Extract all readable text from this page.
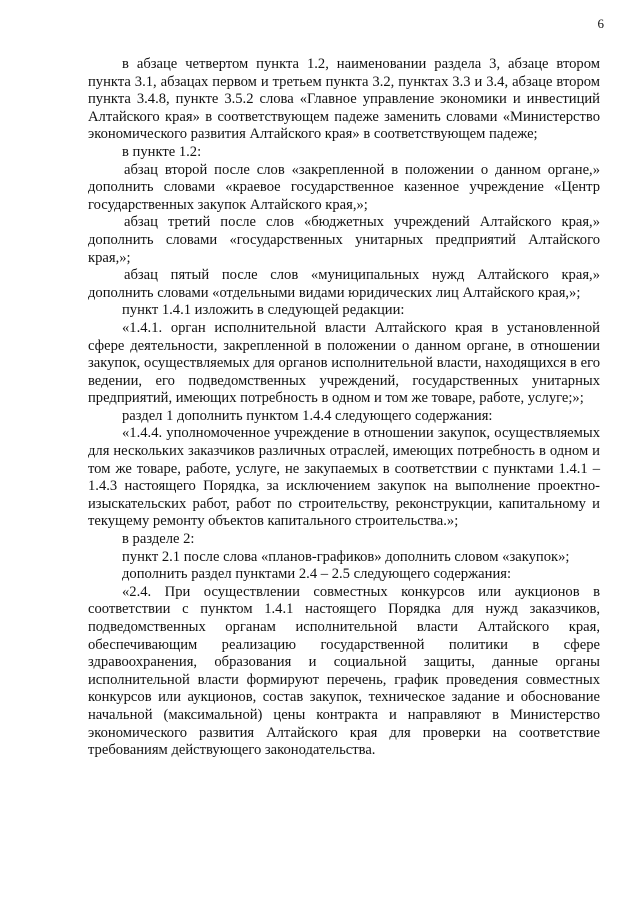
6

в абзаце четвертом пункта 1.2, наименовании раздела 3, абзаце втором пункта 3.1, абзацах первом и третьем пункта 3.2, пунктах 3.3 и 3.4, абзаце втором пункта 3.4.8, пункте 3.5.2 слова «Главное управление экономики и инвестиций Алтайского края» в соответствующем падеже заменить словами «Министерство экономического развития Алтайского края» в соответствующем падеже;

в пункте 1.2:

абзац второй после слов «закрепленной в положении о данном органе,» дополнить словами «краевое государственное казенное учреждение «Центр государственных закупок Алтайского края,»;

абзац третий после слов «бюджетных учреждений Алтайского края,» дополнить словами «государственных унитарных предприятий Алтайского края,»;

абзац пятый после слов «муниципальных нужд Алтайского края,» дополнить словами «отдельными видами юридических лиц Алтайского края,»;

пункт 1.4.1 изложить в следующей редакции:

«1.4.1. орган исполнительной власти Алтайского края в установленной сфере деятельности, закрепленной в положении о данном органе, в отношении закупок, осуществляемых для органов исполнительной власти, находящихся в его ведении, его подведомственных учреждений, государственных унитарных предприятий, имеющих потребность в одном и том же товаре, работе, услуге;»;

раздел 1 дополнить пунктом 1.4.4 следующего содержания:

«1.4.4. уполномоченное учреждение в отношении закупок, осуществляемых для нескольких заказчиков различных отраслей, имеющих потребность в одном и том же товаре, работе, услуге, не закупаемых в соответствии с пунктами 1.4.1 – 1.4.3 настоящего Порядка, за исключением закупок на выполнение проектно-изыскательских работ, работ по строительству, реконструкции, капитальному и текущему ремонту объектов капитального строительства.»;

в разделе 2:

пункт 2.1 после слова «планов-графиков» дополнить словом «закупок»;

дополнить раздел пунктами 2.4 – 2.5 следующего содержания:

«2.4. При осуществлении совместных конкурсов или аукционов в соответствии с пунктом 1.4.1 настоящего Порядка для нужд заказчиков, подведомственных органам исполнительной власти Алтайского края, обеспечивающим реализацию государственной политики в сфере здравоохранения, образования и социальной защиты, данные органы исполнительной власти формируют перечень, график проведения совместных конкурсов или аукционов, состав закупок, техническое задание и обоснование начальной (максимальной) цены контракта и направляют в Министерство экономического развития Алтайского края для проверки на соответствие требованиям действующего законодательства.
